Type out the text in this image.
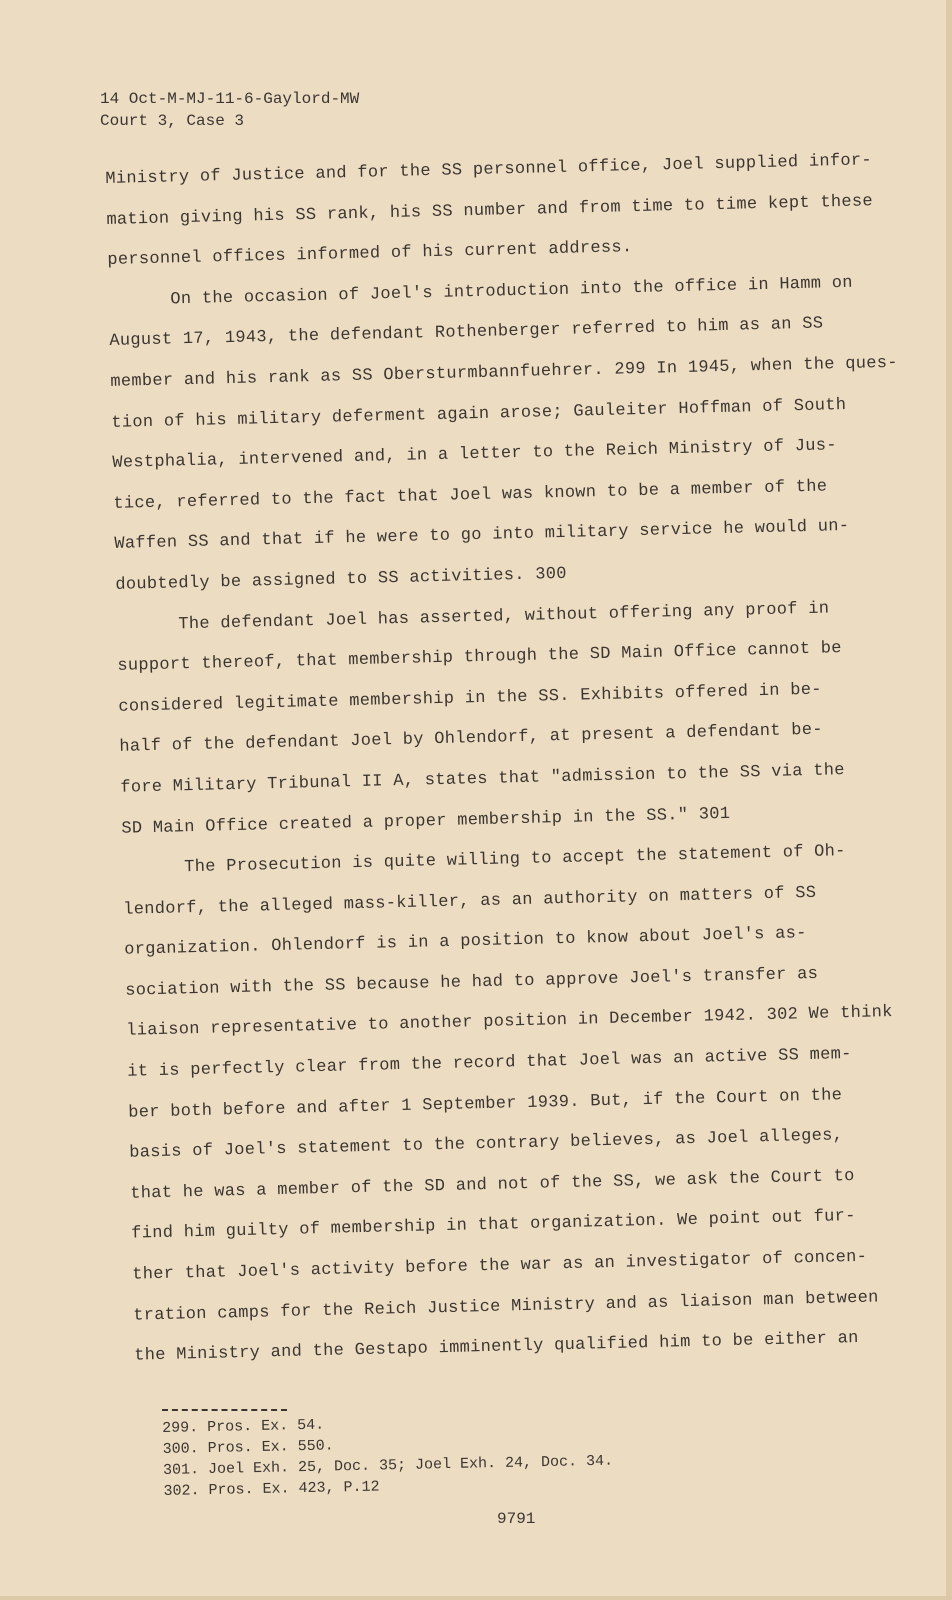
14 Oct-M-MJ-11-6-Gaylord-MW
Court 3, Case 3
Ministry of Justice and for the SS personnel office, Joel supplied infor-
mation giving his SS rank, his SS number and from time to time kept these
personnel offices informed of his current address.
On the occasion of Joel's introduction into the office in Hamm on
August 17, 1943, the defendant Rothenberger referred to him as an SS
member and his rank as SS Obersturmbannfuehrer. 299 In 1945, when the ques-
tion of his military deferment again arose; Gauleiter Hoffman of South
Westphalia, intervened and, in a letter to the Reich Ministry of Jus-
tice, referred to the fact that Joel was known to be a member of the
Waffen SS and that if he were to go into military service he would un-
doubtedly be assigned to SS activities. 300
The defendant Joel has asserted, without offering any proof in
support thereof, that membership through the SD Main Office cannot be
considered legitimate membership in the SS. Exhibits offered in be-
half of the defendant Joel by Ohlendorf, at present a defendant be-
fore Military Tribunal II A, states that "admission to the SS via the
SD Main Office created a proper membership in the SS." 301
The Prosecution is quite willing to accept the statement of Oh-
lendorf, the alleged mass-killer, as an authority on matters of SS
organization. Ohlendorf is in a position to know about Joel's as-
sociation with the SS because he had to approve Joel's transfer as
liaison representative to another position in December 1942. 302 We think
it is perfectly clear from the record that Joel was an active SS mem-
ber both before and after 1 September 1939. But, if the Court on the
basis of Joel's statement to the contrary believes, as Joel alleges,
that he was a member of the SD and not of the SS, we ask the Court to
find him guilty of membership in that organization. We point out fur-
ther that Joel's activity before the war as an investigator of concen-
tration camps for the Reich Justice Ministry and as liaison man between
the Ministry and the Gestapo imminently qualified him to be either an
299. Pros. Ex. 54.
300. Pros. Ex. 550.
301. Joel Exh. 25, Doc. 35; Joel Exh. 24, Doc. 34.
302. Pros. Ex. 423, P.12
9791
